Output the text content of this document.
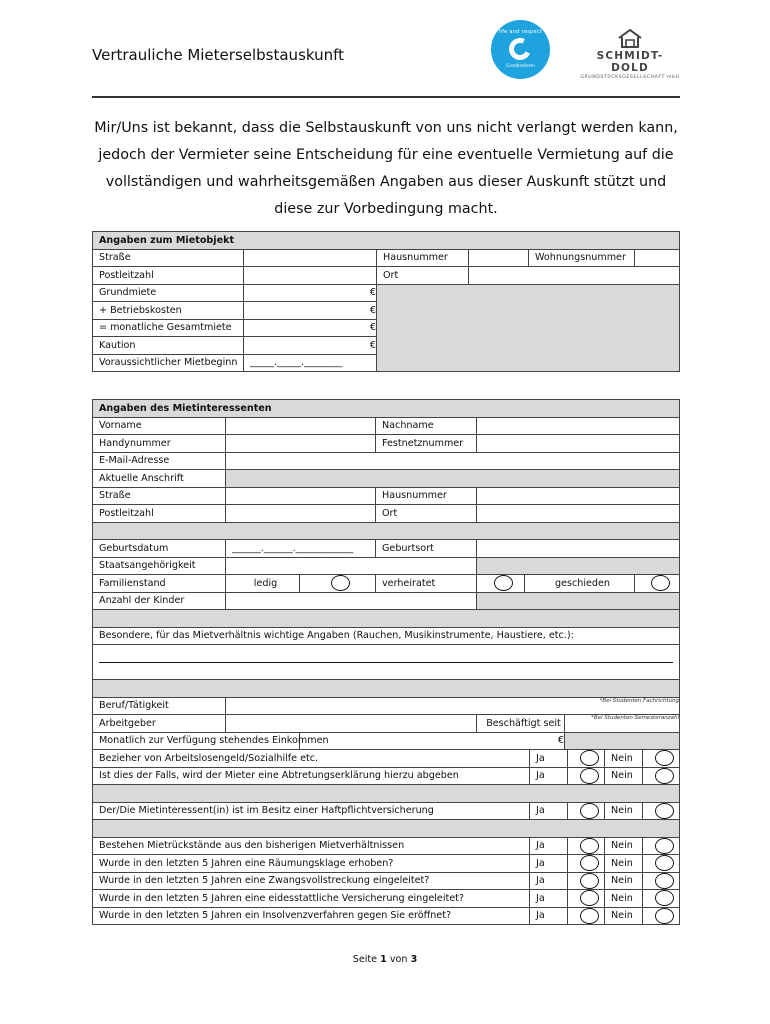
Vertrauliche Mieterselbstauskunft
life and respect
Creditreform
SCHMIDT-DOLD
GRUNDSTÜCKSGESELLSCHAFT mbH
Mir/Uns ist bekannt, dass die Selbstauskunft von uns nicht verlangt werden kann,
jedoch der Vermieter seine Entscheidung für eine eventuelle Vermietung auf die
vollständigen und wahrheitsgemäßen Angaben aus dieser Auskunft stützt und
diese zur Vorbedingung macht.
Angaben zum Mietobjekt					
Straße		Hausnummer		Wohnungsnummer	
Postleitzahl		Ort			
Grundmiete	€				
+ Betriebskosten	€				
= monatliche Gesamtmiete	€				
Kaution	€				
Voraussichtlicher Mietbeginn	_____._____.________				
Angaben des Mietinteressenten							
Vorname			Nachname				
Handynummer			Festnetznummer				
E-Mail-Adresse							
Aktuelle Anschrift							
Straße			Hausnummer				
Postleitzahl			Ort				

Geburtsdatum	______.______.____________		Geburtsort				
Staatsangehörigkeit							
Familienstand	ledig		verheiratet		geschieden		
Anzahl der Kinder							

Besondere, für das Mietverhältnis wichtige Angaben (Rauchen, Musikinstrumente, Haustiere, etc.):							

Beruf/Tätigkeit	*Bei Studenten Fachrichtung						
Arbeitgeber				Beschäftigt seit		*Bei Studenten Semesteranzahl	
Monatlich zur Verfügung stehendes Einkommen		€					
Bezieher von Arbeitslosengeld/Sozialhilfe etc.	Ja		Nein	
Ist dies der Falls, wird der Mieter eine Abtretungserklärung hierzu abgeben	Ja		Nein	

Der/Die Mietinteressent(in) ist im Besitz einer Haftpflichtversicherung	Ja		Nein	

Bestehen Mietrückstände aus den bisherigen Mietverhältnissen	Ja		Nein	
Wurde in den letzten 5 Jahren eine Räumungsklage erhoben?	Ja		Nein	
Wurde in den letzten 5 Jahren eine Zwangsvollstreckung eingeleitet?	Ja		Nein	
Wurde in den letzten 5 Jahren eine eidesstattliche Versicherung eingeleitet?	Ja		Nein	
Wurde in den letzten 5 Jahren ein Insolvenzverfahren gegen Sie eröffnet?	Ja		Nein	
Seite 1 von 3
